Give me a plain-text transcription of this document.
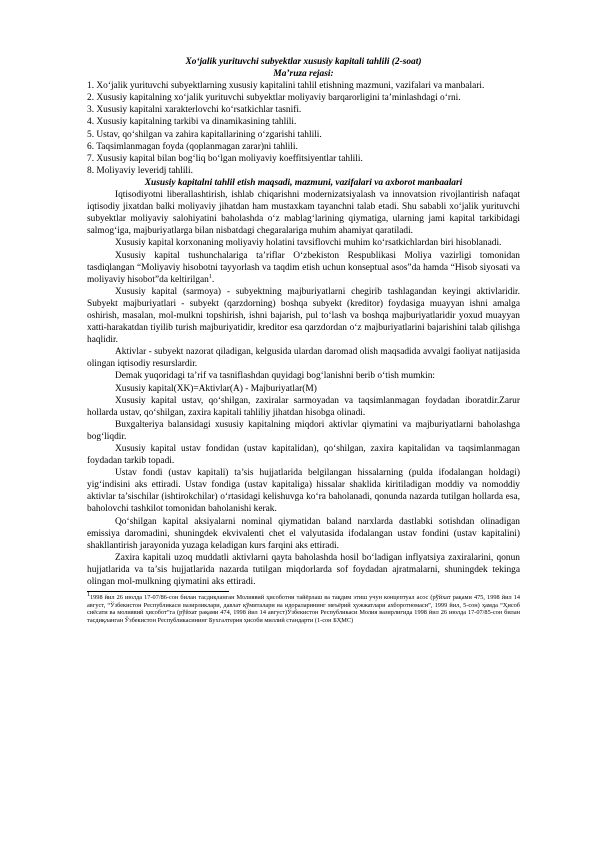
Xo‘jalik yurituvchi subyektlar xususiy kapitali tahlili (2-soat)
Ma’ruza rejasi:

1. Xo‘jalik yurituvchi subyektlarning xususiy kapitalini tahlil etishning mazmuni, vazifalari va manbalari.

2. Xususiy kapitalning xo‘jalik yurituvchi subyektlar moliyaviy barqarorligini ta’minlashdagi o‘rni.

3. Xususiy kapitalni xarakterlovchi ko‘rsatkichlar tasnifi.

4. Xususiy kapitalning tarkibi va dinamikasining tahlili.

5. Ustav, qo‘shilgan va zahira kapitallarining o‘zgarishi tahlili.

6. Taqsimlanmagan foyda (qoplanmagan zarar)ni tahlili.

7. Xususiy kapital bilan bog‘liq bo‘lgan moliyaviy koeffitsiyentlar tahlili.

8. Moliyaviy leveridj tahlili.

Xususiy kapitalni tahlil etish maqsadi, mazmuni, vazifalari va axborot manbaalari

Iqtisodiyotni liberallashtirish, ishlab chiqarishni modernizatsiyalash va innovatsion rivojlantirish nafaqat iqtisodiy jixatdan balki moliyaviy jihatdan ham mustaxkam tayanchni talab etadi. Shu sababli xo‘jalik yurituvchi subyektlar moliyaviy salohiyatini baholashda o‘z mablag‘larining qiymatiga, ularning jami kapital tarkibidagi salmog‘iga, majburiyatlarga bilan nisbatdagi chegaralariga muhim ahamiyat qaratiladi.

Xususiy kapital korxonaning moliyaviy holatini tavsiflovchi muhim ko‘rsatkichlardan biri hisoblanadi.

Xususiy kapital tushunchalariga ta’riflar O‘zbekiston Respublikasi Moliya vazirligi tomonidan tasdiqlangan “Moliyaviy hisobotni tayyorlash va taqdim etish uchun konseptual asos”da hamda “Hisob siyosati va moliyaviy hisobot”da keltirilgan$^1$.

Xususiy kapital (sarmoya) - subyektning majburiyatlarni chegirib tashlagandan keyingi aktivlaridir. Subyekt majburiyatlari - subyekt (qarzdorning) boshqa subyekt (kreditor) foydasiga muayyan ishni amalga oshirish, masalan, mol-mulkni topshirish, ishni bajarish, pul to‘lash va boshqa majburiyatlaridir yoxud muayyan xatti-harakatdan tiyilib turish majburiyatidir, kreditor esa qarzdordan o‘z majburiyatlarini bajarishini talab qilishga haqlidir.

Aktivlar - subyekt nazorat qiladigan, kelgusida ulardan daromad olish maqsadida avvalgi faoliyat natijasida olingan iqtisodiy resurslardir.

Demak yuqoridagi ta’rif va tasniflashdan quyidagi bog‘lanishni berib o‘tish mumkin:

Xususiy kapital(XK)=Aktivlar(A) - Majburiyatlar(M)

Xususiy kapital ustav, qo‘shilgan, zaxiralar sarmoyadan va taqsimlanmagan foydadan iboratdir.Zarur hollarda ustav, qo‘shilgan, zaxira kapitali tahliliy jihatdan hisobga olinadi.

Buxgalteriya balansidagi xususiy kapitalning miqdori aktivlar qiymatini va majburiyatlarni baholashga bog‘liqdir.

Xususiy kapital ustav fondidan (ustav kapitalidan), qo‘shilgan, zaxira kapitalidan va taqsimlanmagan foydadan tarkib topadi.

Ustav fondi (ustav kapitali) ta’sis hujjatlarida belgilangan hissalarning (pulda ifodalangan holdagi) yig‘indisini aks ettiradi. Ustav fondiga (ustav kapitaliga) hissalar shaklida kiritiladigan moddiy va nomoddiy aktivlar ta’sischilar (ishtirokchilar) o‘rtasidagi kelishuvga ko‘ra baholanadi, qonunda nazarda tutilgan hollarda esa, baholovchi tashkilot tomonidan baholanishi kerak.

Qo‘shilgan kapital aksiyalarni nominal qiymatidan baland narxlarda dastlabki sotishdan olinadigan emissiya daromadini, shuningdek ekvivalenti chet el valyutasida ifodalangan ustav fondini (ustav kapitalini) shakllantirish jarayonida yuzaga keladigan kurs farqini aks ettiradi.

Zaxira kapitali uzoq muddatli aktivlarni qayta baholashda hosil bo‘ladigan inflyatsiya zaxiralarini, qonun hujjatlarida va ta’sis hujjatlarida nazarda tutilgan miqdorlarda sof foydadan ajratmalarni, shuningdek tekinga olingan mol-mulkning qiymatini aks ettiradi.

$^1$1998 йил 26 июлда 17-07/86-сон билан тасдиқланган Молиявий ҳисоботни тайёрлаш ва тақдим этиш учун концептуал асос (рўйхат рақами 475, 1998 йил 14 август, “Ўзбекистон Республикаси вазирликлари, давлат қўмиталари ва идораларининг меъёрий ҳужжатлари ахборотномаси”, 1999 йил, 5-сон) ҳамда “Ҳисоб сиёсати ва молиявий ҳисобот”га (рўйхат рақами 474, 1998 йил 14 август)Ўзбекистон Республикаси Молия вазирлигида 1998 йил 26 июлда 17-07/85-сон билан тасдиқланган Ўзбекистон Республикасининг Бухгалтерия ҳисоби миллий стандарти (1-сон БҲМС)
